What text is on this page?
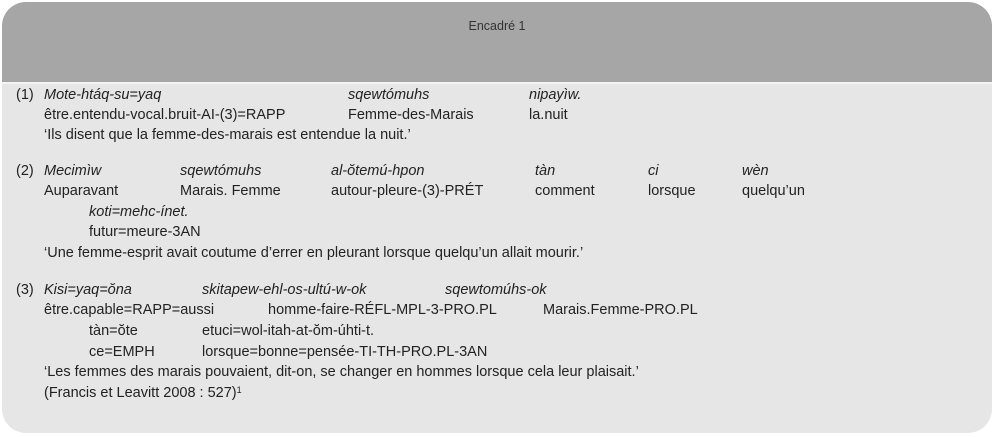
Encadré 1
(1) Mote-htáq-su=yaq	sqewtómuhs	nipayìw.
être.entendu-vocal.bruit-AI-(3)=RAPP	Femme-des-Marais	la.nuit
‘Ils disent que la femme-des-marais est entendue la nuit.’
(2) Mecimìw	sqewtómuhs	al-ŏtemú-hpon	tàn	ci	wèn
Auparavant	Marais. Femme	autour-pleure-(3)-PRÉT	comment	lorsque	quelqu’un
koti=mehc-ínet.
futur=meure-3AN
‘Une femme-esprit avait coutume d’errer en pleurant lorsque quelqu’un allait mourir.’
(3) Kisi=yaq=ŏna	skitapew-ehl-os-ultú-w-ok	sqewtomúhs-ok
être.capable=RAPP=aussi	homme-faire-RÉFL-MPL-3-PRO.PL	Marais.Femme-PRO.PL
tàn=ŏte	etuci=wol-itah-at-ŏm-úhti-t.
ce=EMPH	lorsque=bonne=pensée-TI-TH-PRO.PL-3AN
‘Les femmes des marais pouvaient, dit-on, se changer en hommes lorsque cela leur plaisait.’
(Francis et Leavitt 2008 : 527)$^1$
